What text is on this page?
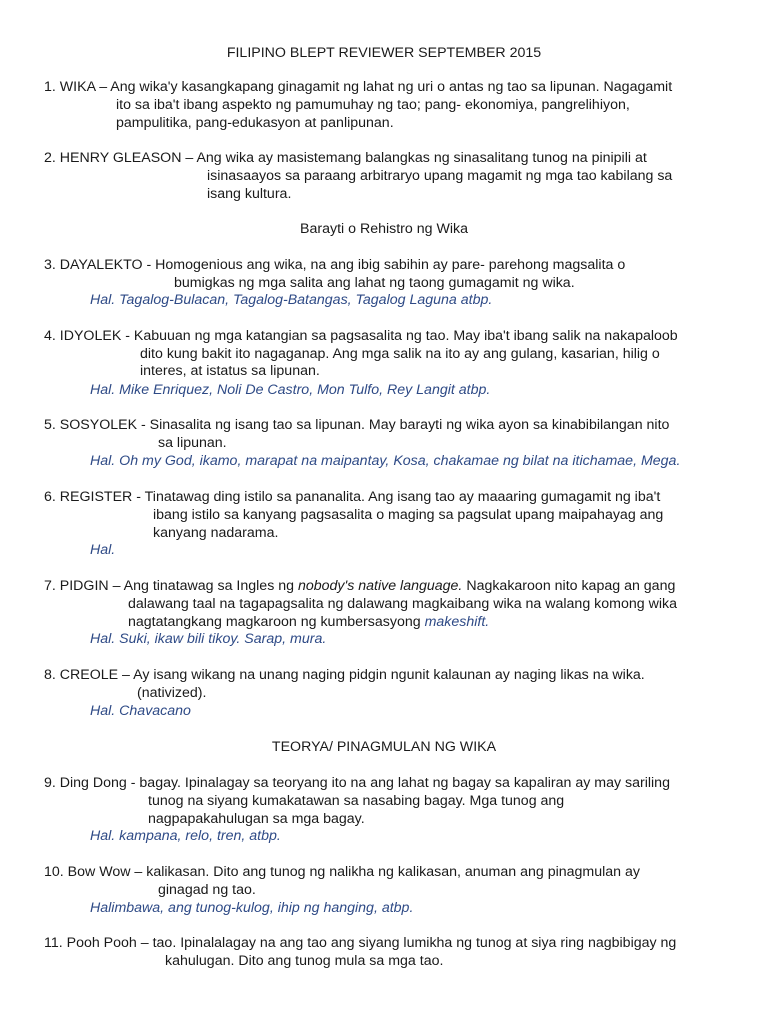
FILIPINO BLEPT REVIEWER SEPTEMBER 2015
1. WIKA – Ang wika'y kasangkapang ginagamit ng lahat ng uri o antas ng tao sa lipunan. Nagagamit
ito sa iba't ibang aspekto ng pamumuhay ng tao; pang- ekonomiya, pangrelihiyon,
pampulitika, pang-edukasyon at panlipunan.
2. HENRY GLEASON – Ang wika ay masistemang balangkas ng sinasalitang tunog na pinipili at
isinasaayos sa paraang arbitraryo upang magamit ng mga tao kabilang sa
isang kultura.
Barayti o Rehistro ng Wika
3. DAYALEKTO - Homogenious ang wika, na ang ibig sabihin ay pare- parehong magsalita o
bumigkas ng mga salita ang lahat ng taong gumagamit ng wika.
Hal. Tagalog-Bulacan, Tagalog-Batangas, Tagalog Laguna atbp.
4. IDYOLEK - Kabuuan ng mga katangian sa pagsasalita ng tao. May iba't ibang salik na nakapaloob
dito kung bakit ito nagaganap. Ang mga salik na ito ay ang gulang, kasarian, hilig o
interes, at istatus sa lipunan.
Hal. Mike Enriquez, Noli De Castro, Mon Tulfo, Rey Langit atbp.
5. SOSYOLEK - Sinasalita ng isang tao sa lipunan. May barayti ng wika ayon sa kinabibilangan nito
sa lipunan.
Hal. Oh my God, ikamo, marapat na maipantay, Kosa, chakamae ng bilat na itichamae, Mega.
6. REGISTER - Tinatawag ding istilo sa pananalita. Ang isang tao ay maaaring gumagamit ng iba't
ibang istilo sa kanyang pagsasalita o maging sa pagsulat upang maipahayag ang
kanyang nadarama.
Hal.
7. PIDGIN – Ang tinatawag sa Ingles ng nobody's native language. Nagkakaroon nito kapag an gang
dalawang taal na tagapagsalita ng dalawang magkaibang wika na walang komong wika
nagtatangkang magkaroon ng kumbersasyong makeshift.
Hal. Suki, ikaw bili tikoy. Sarap, mura.
8. CREOLE – Ay isang wikang na unang naging pidgin ngunit kalaunan ay naging likas na wika.
(nativized).
Hal. Chavacano
TEORYA/ PINAGMULAN NG WIKA
9. Ding Dong - bagay. Ipinalagay sa teoryang ito na ang lahat ng bagay sa kapaliran ay may sariling
tunog na siyang kumakatawan sa nasabing bagay. Mga tunog ang
nagpapakahulugan sa mga bagay.
Hal. kampana, relo, tren, atbp.
10. Bow Wow – kalikasan. Dito ang tunog ng nalikha ng kalikasan, anuman ang pinagmulan ay
ginagad ng tao.
Halimbawa, ang tunog-kulog, ihip ng hanging, atbp.
11. Pooh Pooh – tao. Ipinalalagay na ang tao ang siyang lumikha ng tunog at siya ring nagbibigay ng
kahulugan. Dito ang tunog mula sa mga tao.
